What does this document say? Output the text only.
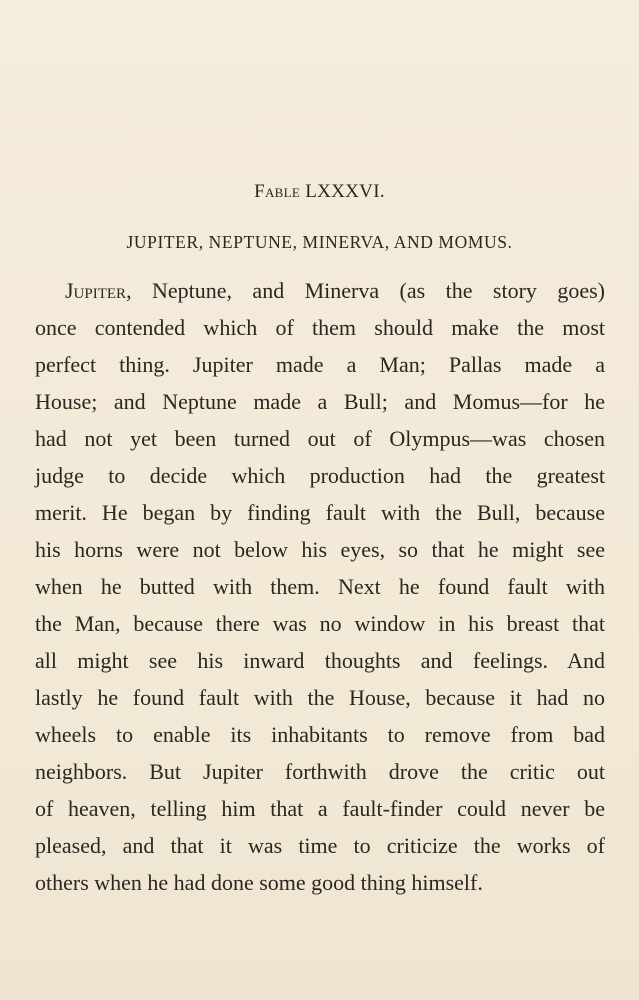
Fable LXXXVI.
JUPITER, NEPTUNE, MINERVA, AND MOMUS.
Jupiter, Neptune, and Minerva (as the story goes)
once contended which of them should make the most
perfect thing. Jupiter made a Man; Pallas made a
House; and Neptune made a Bull; and Momus—for he
had not yet been turned out of Olympus—was chosen
judge to decide which production had the greatest
merit. He began by finding fault with the Bull, because
his horns were not below his eyes, so that he might see
when he butted with them. Next he found fault with
the Man, because there was no window in his breast that
all might see his inward thoughts and feelings. And
lastly he found fault with the House, because it had no
wheels to enable its inhabitants to remove from bad
neighbors. But Jupiter forthwith drove the critic out
of heaven, telling him that a fault-finder could never be
pleased, and that it was time to criticize the works of
others when he had done some good thing himself.
